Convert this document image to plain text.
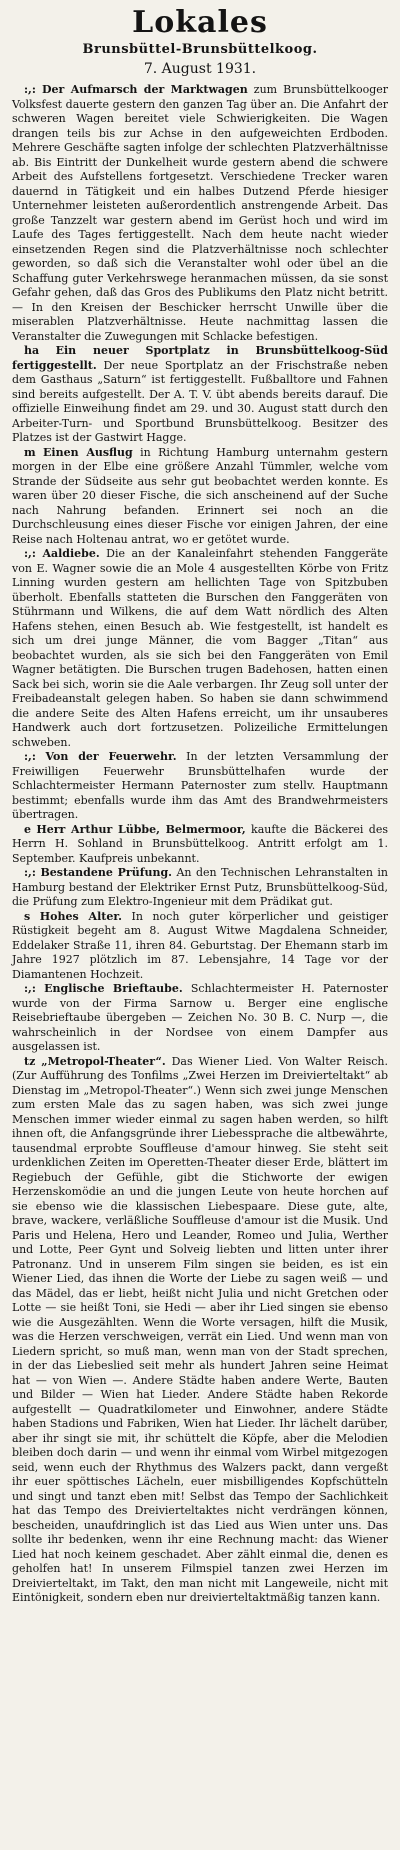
Lokales
Brunsbüttel-Brunsbüttelkoog.
7. August 1931.

:,: Der Aufmarsch der Marktwagen zum Brunsbüttelkooger Volksfest dauerte gestern den ganzen Tag über an. Die Anfahrt der schweren Wagen bereitet viele Schwierigkeiten. Die Wagen drangen teils bis zur Achse in den aufgeweichten Erdboden. Mehrere Geschäfte sagten infolge der schlechten Platzverhältnisse ab. Bis Eintritt der Dunkelheit wurde gestern abend die schwere Arbeit des Aufstellens fortgesetzt. Verschiedene Trecker waren dauernd in Tätigkeit und ein halbes Dutzend Pferde hiesiger Unternehmer leisteten außerordentlich anstrengende Arbeit. Das große Tanzzelt war gestern abend im Gerüst hoch und wird im Laufe des Tages fertiggestellt. Nach dem heute nacht wieder einsetzenden Regen sind die Platzverhältnisse noch schlechter geworden, so daß sich die Veranstalter wohl oder übel an die Schaffung guter Verkehrswege heranmachen müssen, da sie sonst Gefahr gehen, daß das Gros des Publikums den Platz nicht betritt. — In den Kreisen der Beschicker herrscht Unwille über die miserablen Platzverhältnisse. Heute nachmittag lassen die Veranstalter die Zuwegungen mit Schlacke befestigen.

ha Ein neuer Sportplatz in Brunsbüttelkoog-Süd fertiggestellt. Der neue Sportplatz an der Frischstraße neben dem Gasthaus „Saturn“ ist fertiggestellt. Fußballtore und Fahnen sind bereits aufgestellt. Der A. T. V. übt abends bereits darauf. Die offizielle Einweihung findet am 29. und 30. August statt durch den Arbeiter-Turn- und Sportbund Brunsbüttelkoog. Besitzer des Platzes ist der Gastwirt Hagge.

m Einen Ausflug in Richtung Hamburg unternahm gestern morgen in der Elbe eine größere Anzahl Tümmler, welche vom Strande der Südseite aus sehr gut beobachtet werden konnte. Es waren über 20 dieser Fische, die sich anscheinend auf der Suche nach Nahrung befanden. Erinnert sei noch an die Durchschleusung eines dieser Fische vor einigen Jahren, der eine Reise nach Holtenau antrat, wo er getötet wurde.

:,: Aaldiebe. Die an der Kanaleinfahrt stehenden Fanggeräte von E. Wagner sowie die an Mole 4 ausgestellten Körbe von Fritz Linning wurden gestern am hellichten Tage von Spitzbuben überholt. Ebenfalls statteten die Burschen den Fanggeräten von Stührmann und Wilkens, die auf dem Watt nördlich des Alten Hafens stehen, einen Besuch ab. Wie festgestellt, ist handelt es sich um drei junge Männer, die vom Bagger „Titan“ aus beobachtet wurden, als sie sich bei den Fanggeräten von Emil Wagner betätigten. Die Burschen trugen Badehosen, hatten einen Sack bei sich, worin sie die Aale verbargen. Ihr Zeug soll unter der Freibadeanstalt gelegen haben. So haben sie dann schwimmend die andere Seite des Alten Hafens erreicht, um ihr unsauberes Handwerk auch dort fortzusetzen. Polizeiliche Ermittelungen schweben.

:,: Von der Feuerwehr. In der letzten Versammlung der Freiwilligen Feuerwehr Brunsbüttelhafen wurde der Schlachtermeister Hermann Paternoster zum stellv. Hauptmann bestimmt; ebenfalls wurde ihm das Amt des Brandwehrmeisters übertragen.

e Herr Arthur Lübbe, Belmermoor, kaufte die Bäckerei des Herrn H. Sohland in Brunsbüttelkoog. Antritt erfolgt am 1. September. Kaufpreis unbekannt.

:,: Bestandene Prüfung. An den Technischen Lehranstalten in Hamburg bestand der Elektriker Ernst Putz, Brunsbüttelkoog-Süd, die Prüfung zum Elektro-Ingenieur mit dem Prädikat gut.

s Hohes Alter. In noch guter körperlicher und geistiger Rüstigkeit begeht am 8. August Witwe Magdalena Schneider, Eddelaker Straße 11, ihren 84. Geburtstag. Der Ehemann starb im Jahre 1927 plötzlich im 87. Lebensjahre, 14 Tage vor der Diamantenen Hochzeit.

:,: Englische Brieftaube. Schlachtermeister H. Paternoster wurde von der Firma Sarnow u. Berger eine englische Reisebrieftaube übergeben — Zeichen No. 30 B. C. Nurp —, die wahrscheinlich in der Nordsee von einem Dampfer aus ausgelassen ist.

tz „Metropol-Theater“. Das Wiener Lied. Von Walter Reisch. (Zur Aufführung des Tonfilms „Zwei Herzen im Dreivierteltakt“ ab Dienstag im „Metropol-Theater“.) Wenn sich zwei junge Menschen zum ersten Male das zu sagen haben, was sich zwei junge Menschen immer wieder einmal zu sagen haben werden, so hilft ihnen oft, die Anfangsgründe ihrer Liebessprache die altbewährte, tausendmal erprobte Souffleuse d'amour hinweg. Sie steht seit urdenklichen Zeiten im Operetten-Theater dieser Erde, blättert im Regiebuch der Gefühle, gibt die Stichworte der ewigen Herzenskomödie an und die jungen Leute von heute horchen auf sie ebenso wie die klassischen Liebespaare. Diese gute, alte, brave, wackere, verläßliche Souffleuse d'amour ist die Musik. Und Paris und Helena, Hero und Leander, Romeo und Julia, Werther und Lotte, Peer Gynt und Solveig liebten und litten unter ihrer Patronanz. Und in unserem Film singen sie beiden, es ist ein Wiener Lied, das ihnen die Worte der Liebe zu sagen weiß — und das Mädel, das er liebt, heißt nicht Julia und nicht Gretchen oder Lotte — sie heißt Toni, sie Hedi — aber ihr Lied singen sie ebenso wie die Ausgezählten. Wenn die Worte versagen, hilft die Musik, was die Herzen verschweigen, verrät ein Lied. Und wenn man von Liedern spricht, so muß man, wenn man von der Stadt sprechen, in der das Liebeslied seit mehr als hundert Jahren seine Heimat hat — von Wien —. Andere Städte haben andere Werte, Bauten und Bilder — Wien hat Lieder. Andere Städte haben Rekorde aufgestellt — Quadratkilometer und Einwohner, andere Städte haben Stadions und Fabriken, Wien hat Lieder. Ihr lächelt darüber, aber ihr singt sie mit, ihr schüttelt die Köpfe, aber die Melodien bleiben doch darin — und wenn ihr einmal vom Wirbel mitgezogen seid, wenn euch der Rhythmus des Walzers packt, dann vergeßt ihr euer spöttisches Lächeln, euer misbilligendes Kopfschütteln und singt und tanzt eben mit! Selbst das Tempo der Sachlichkeit hat das Tempo des Dreivierteltaktes nicht verdrängen können, bescheiden, unaufdringlich ist das Lied aus Wien unter uns. Das sollte ihr bedenken, wenn ihr eine Rechnung macht: das Wiener Lied hat noch keinem geschadet. Aber zählt einmal die, denen es geholfen hat! In unserem Filmspiel tanzen zwei Herzen im Dreivierteltakt, im Takt, den man nicht mit Langeweile, nicht mit Eintönigkeit, sondern eben nur dreivierteltaktmäßig tanzen kann.
